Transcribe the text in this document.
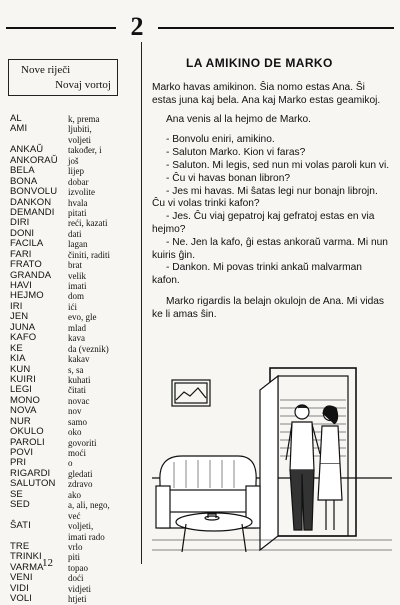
2
Nove riječi
Novaj vortoj
AL	k, prema
AMI	ljubiti,
voljeti
ANKAŬ	također, i
ANKORAŬ	još
BELA	lijep
BONA	dobar
BONVOLU	izvolite
DANKON	hvala
DEMANDI	pitati
DIRI	reći, kazati
DONI	dati
FACILA	lagan
FARI	činiti, raditi
FRATO	brat
GRANDA	velik
HAVI	imati
HEJMO	dom
IRI	ići
JEN	evo, gle
JUNA	mlad
KAFO	kava
KE	da (veznik)
KIA	kakav
KUN	s, sa
KUIRI	kuhati
LEGI	čitati
MONO	novac
NOVA	nov
NUR	samo
OKULO	oko
PAROLI	govoriti
POVI	moći
PRI	o
RIGARDI	gledati
SALUTON	zdravo
SE	ako
SED	a, ali, nego,
već
ŜATI	voljeti,
imati rado
TRE	vrlo
TRINKI	piti
VARMA	topao
VENI	doći
VIDI	vidjeti
VOLI	htjeti
12
LA AMIKINO DE MARKO

Marko havas amikinon. Ŝia nomo estas Ana. Ŝi estas juna kaj bela. Ana kaj Marko estas geamikoj.

Ana venis al la hejmo de Marko.

- Bonvolu eniri, amikino.

- Saluton Marko. Kion vi faras?

- Saluton. Mi legis, sed nun mi volas paroli kun vi.

- Ĉu vi havas bonan libron?

- Jes mi havas. Mi ŝatas legi nur bonajn librojn. Ĉu vi volas trinki kafon?

- Jes. Ĉu viaj gepatroj kaj gefratoj estas en via hejmo?

- Ne. Jen la kafo, ĝi estas ankoraŭ varma. Mi nun kuiris ĝin.

- Dankon. Mi povas trinki ankaŭ malvarman kafon.

Marko rigardis la belajn okulojn de Ana. Mi vidas ke li amas ŝin.
